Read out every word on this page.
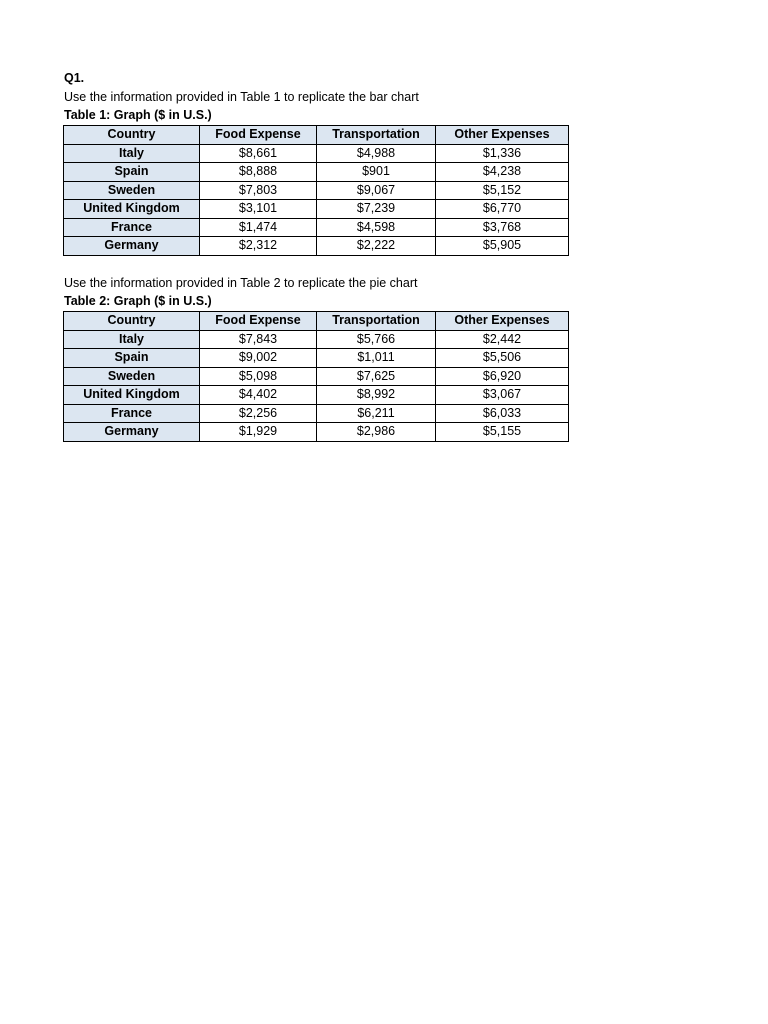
Q1.
Use the information provided in Table 1 to replicate the bar chart
Table 1: Graph ($ in U.S.)
Country	Food Expense	Transportation	Other Expenses
Italy	$8,661	$4,988	$1,336
Spain	$8,888	$901	$4,238
Sweden	$7,803	$9,067	$5,152
United Kingdom	$3,101	$7,239	$6,770
France	$1,474	$4,598	$3,768
Germany	$2,312	$2,222	$5,905
Use the information provided in Table 2 to replicate the pie chart
Table 2: Graph ($ in U.S.)
Country	Food Expense	Transportation	Other Expenses
Italy	$7,843	$5,766	$2,442
Spain	$9,002	$1,011	$5,506
Sweden	$5,098	$7,625	$6,920
United Kingdom	$4,402	$8,992	$3,067
France	$2,256	$6,211	$6,033
Germany	$1,929	$2,986	$5,155
